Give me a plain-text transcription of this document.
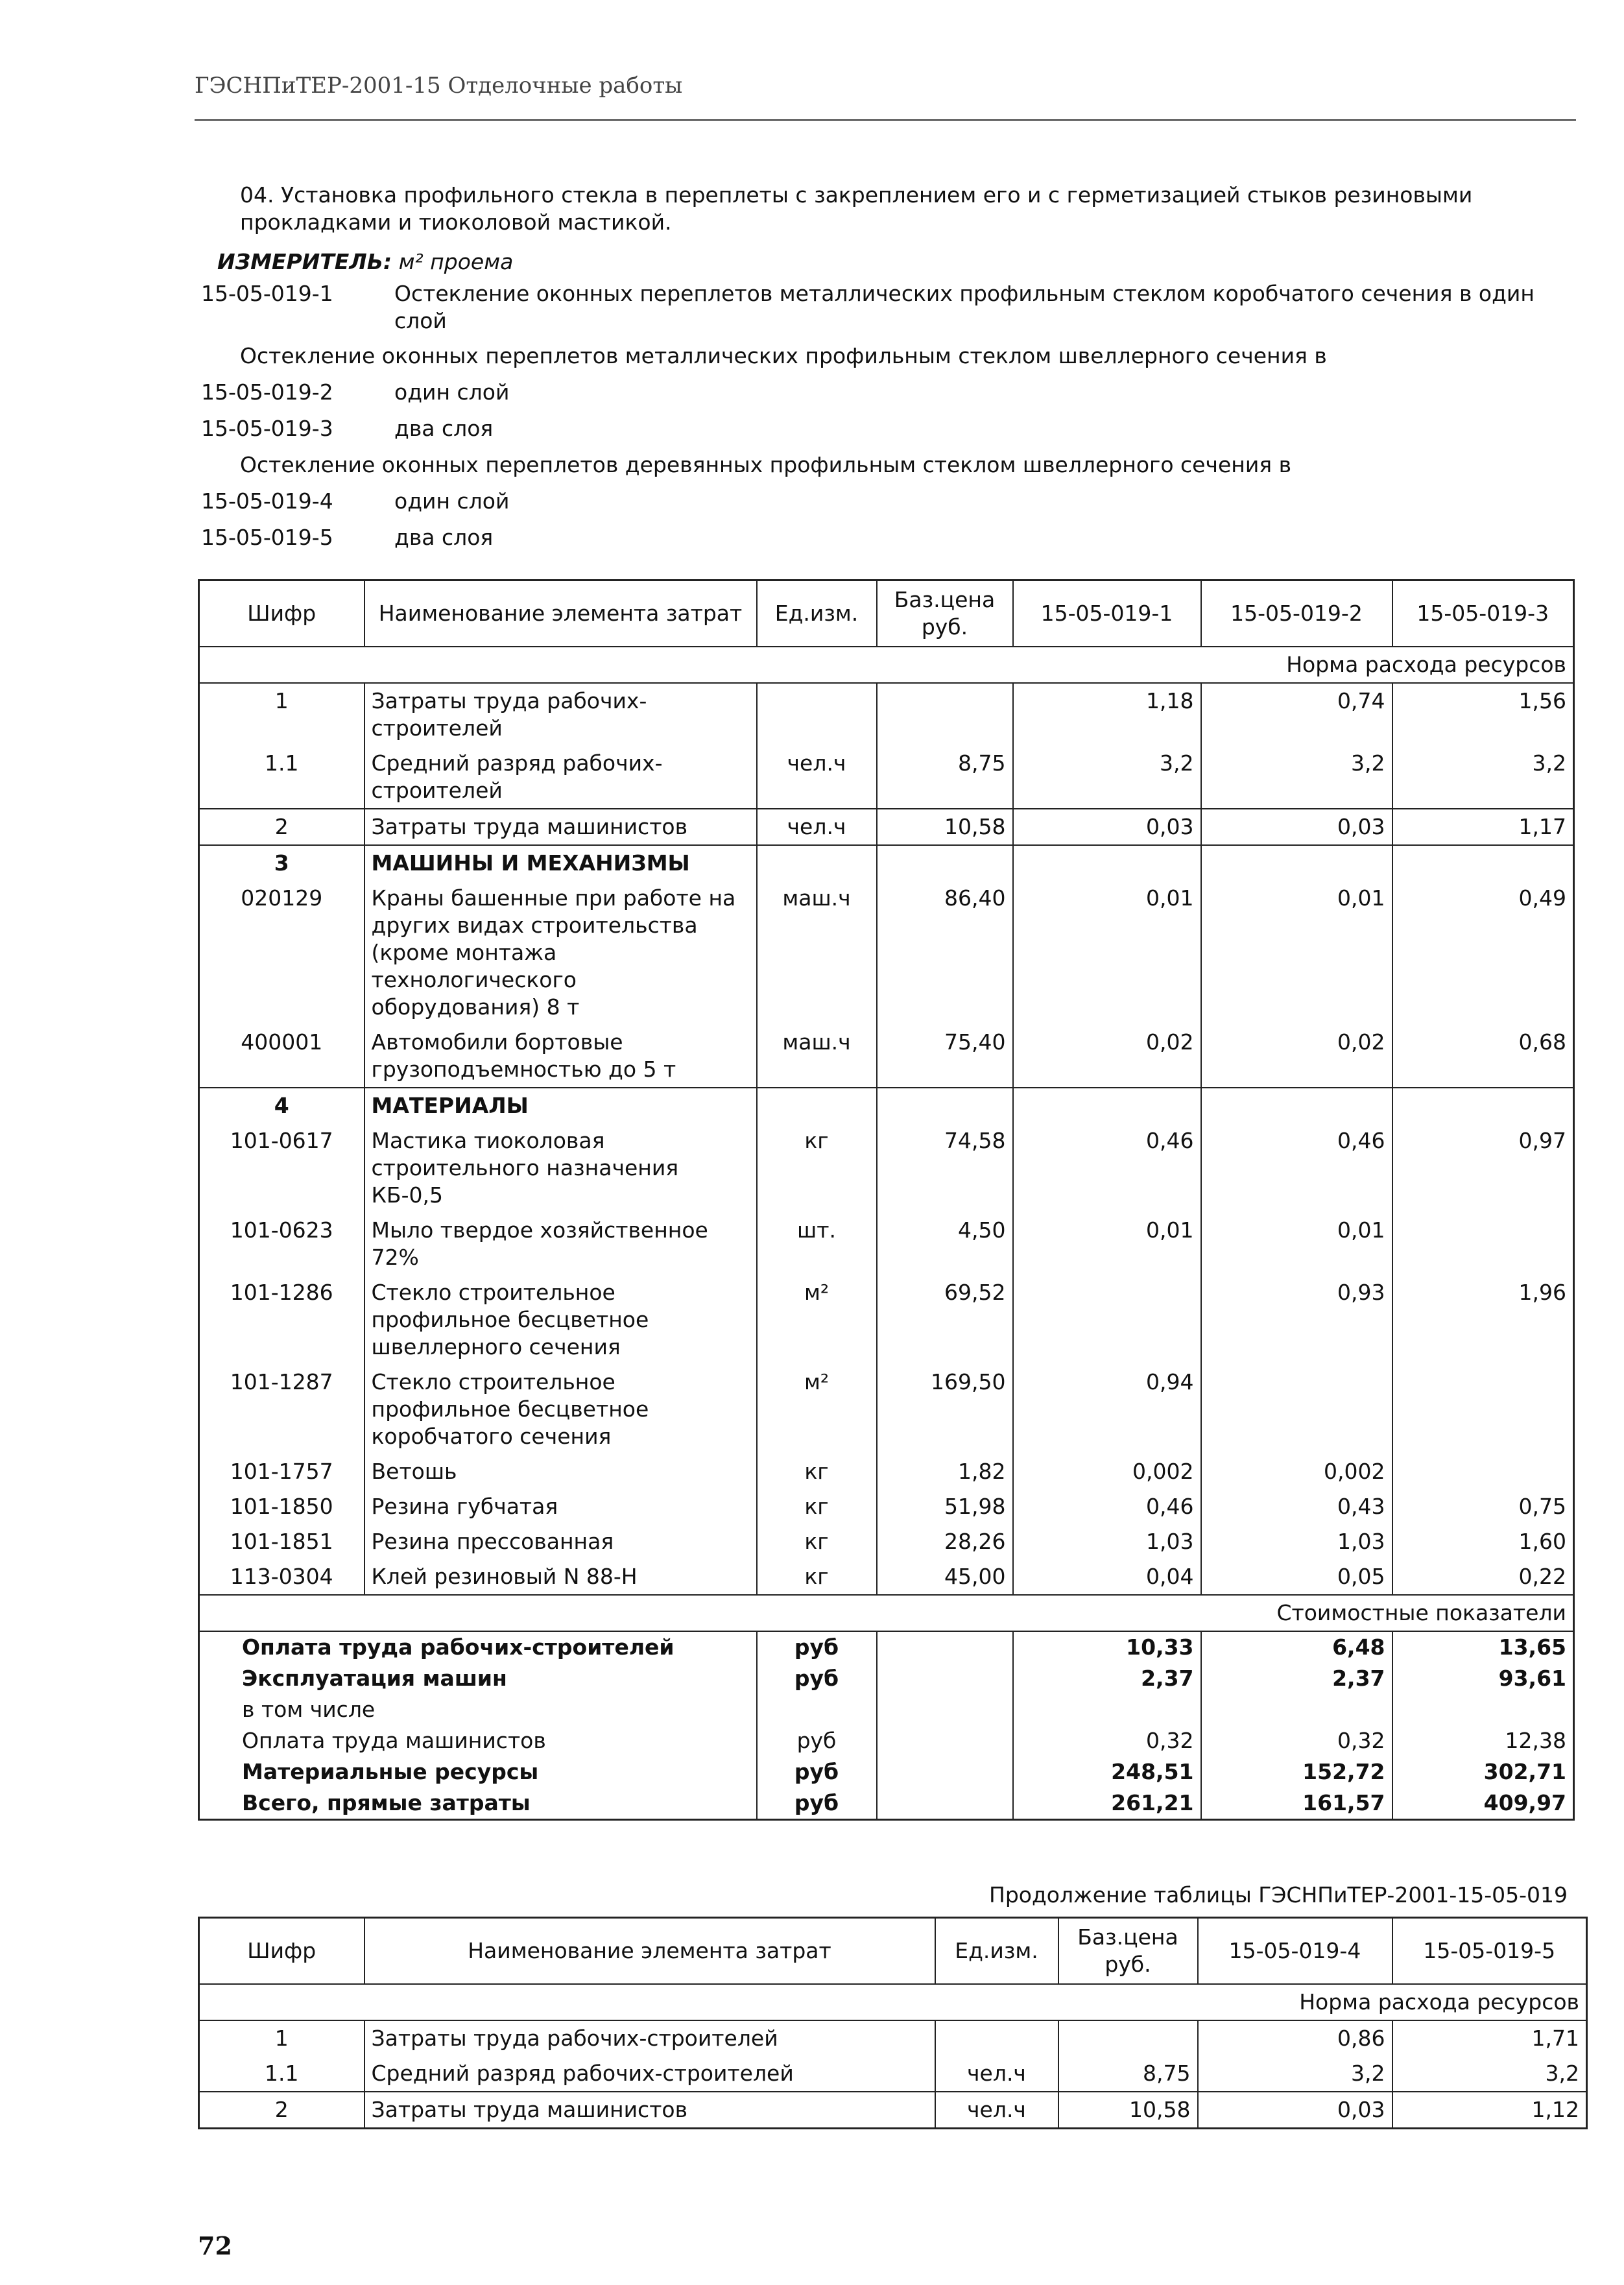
ГЭСНПиТЕР-2001-15 Отделочные работы
04. Установка профильного стекла в переплеты с закреплением его и с герметизацией стыков резиновыми прокладками и тиоколовой мастикой.
ИЗМЕРИТЕЛЬ: м² проема
15-05-019-1	Остекление оконных переплетов металлических профильным стеклом коробчатого сечения в один слой
Остекление оконных переплетов металлических профильным стеклом швеллерного сечения в
15-05-019-2	один слой
15-05-019-3	два слоя
Остекление оконных переплетов деревянных профильным стеклом швеллерного сечения в
15-05-019-4	один слой
15-05-019-5	два слоя
Шифр	Наименование элемента затрат	Ед.изм.	Баз.цена руб.	15-05-019-1	15-05-019-2	15-05-019-3
Норма расхода ресурсов						
1	Затраты труда рабочих-строителей			1,18	0,74	1,56
1.1	Средний разряд рабочих-строителей	чел.ч	8,75	3,2	3,2	3,2
2	Затраты труда машинистов	чел.ч	10,58	0,03	0,03	1,17
3	МАШИНЫ И МЕХАНИЗМЫ					
020129	Краны башенные при работе на других видах строительства (кроме монтажа технологического оборудования) 8 т	маш.ч	86,40	0,01	0,01	0,49
400001	Автомобили бортовые грузоподъемностью до 5 т	маш.ч	75,40	0,02	0,02	0,68
4	МАТЕРИАЛЫ					
101-0617	Мастика тиоколовая строительного назначения КБ-0,5	кг	74,58	0,46	0,46	0,97
101-0623	Мыло твердое хозяйственное 72%	шт.	4,50	0,01	0,01	
101-1286	Стекло строительное профильное бесцветное швеллерного сечения	м²	69,52		0,93	1,96
101-1287	Стекло строительное профильное бесцветное коробчатого сечения	м²	169,50	0,94		
101-1757	Ветошь	кг	1,82	0,002	0,002	
101-1850	Резина губчатая	кг	51,98	0,46	0,43	0,75
101-1851	Резина прессованная	кг	28,26	1,03	1,03	1,60
113-0304	Клей резиновый N 88-Н	кг	45,00	0,04	0,05	0,22
Стоимостные показатели						
Оплата труда рабочих-строителей		руб		10,33	6,48	13,65
Эксплуатация машин		руб		2,37	2,37	93,61
в том числе						
Оплата труда машинистов		руб		0,32	0,32	12,38
Материальные ресурсы		руб		248,51	152,72	302,71
Всего, прямые затраты		руб		261,21	161,57	409,97
Продолжение таблицы ГЭСНПиТЕР-2001-15-05-019
Шифр	Наименование элемента затрат	Ед.изм.	Баз.цена руб.	15-05-019-4	15-05-019-5
Норма расхода ресурсов					
1	Затраты труда рабочих-строителей			0,86	1,71
1.1	Средний разряд рабочих-строителей	чел.ч	8,75	3,2	3,2
2	Затраты труда машинистов	чел.ч	10,58	0,03	1,12
72
